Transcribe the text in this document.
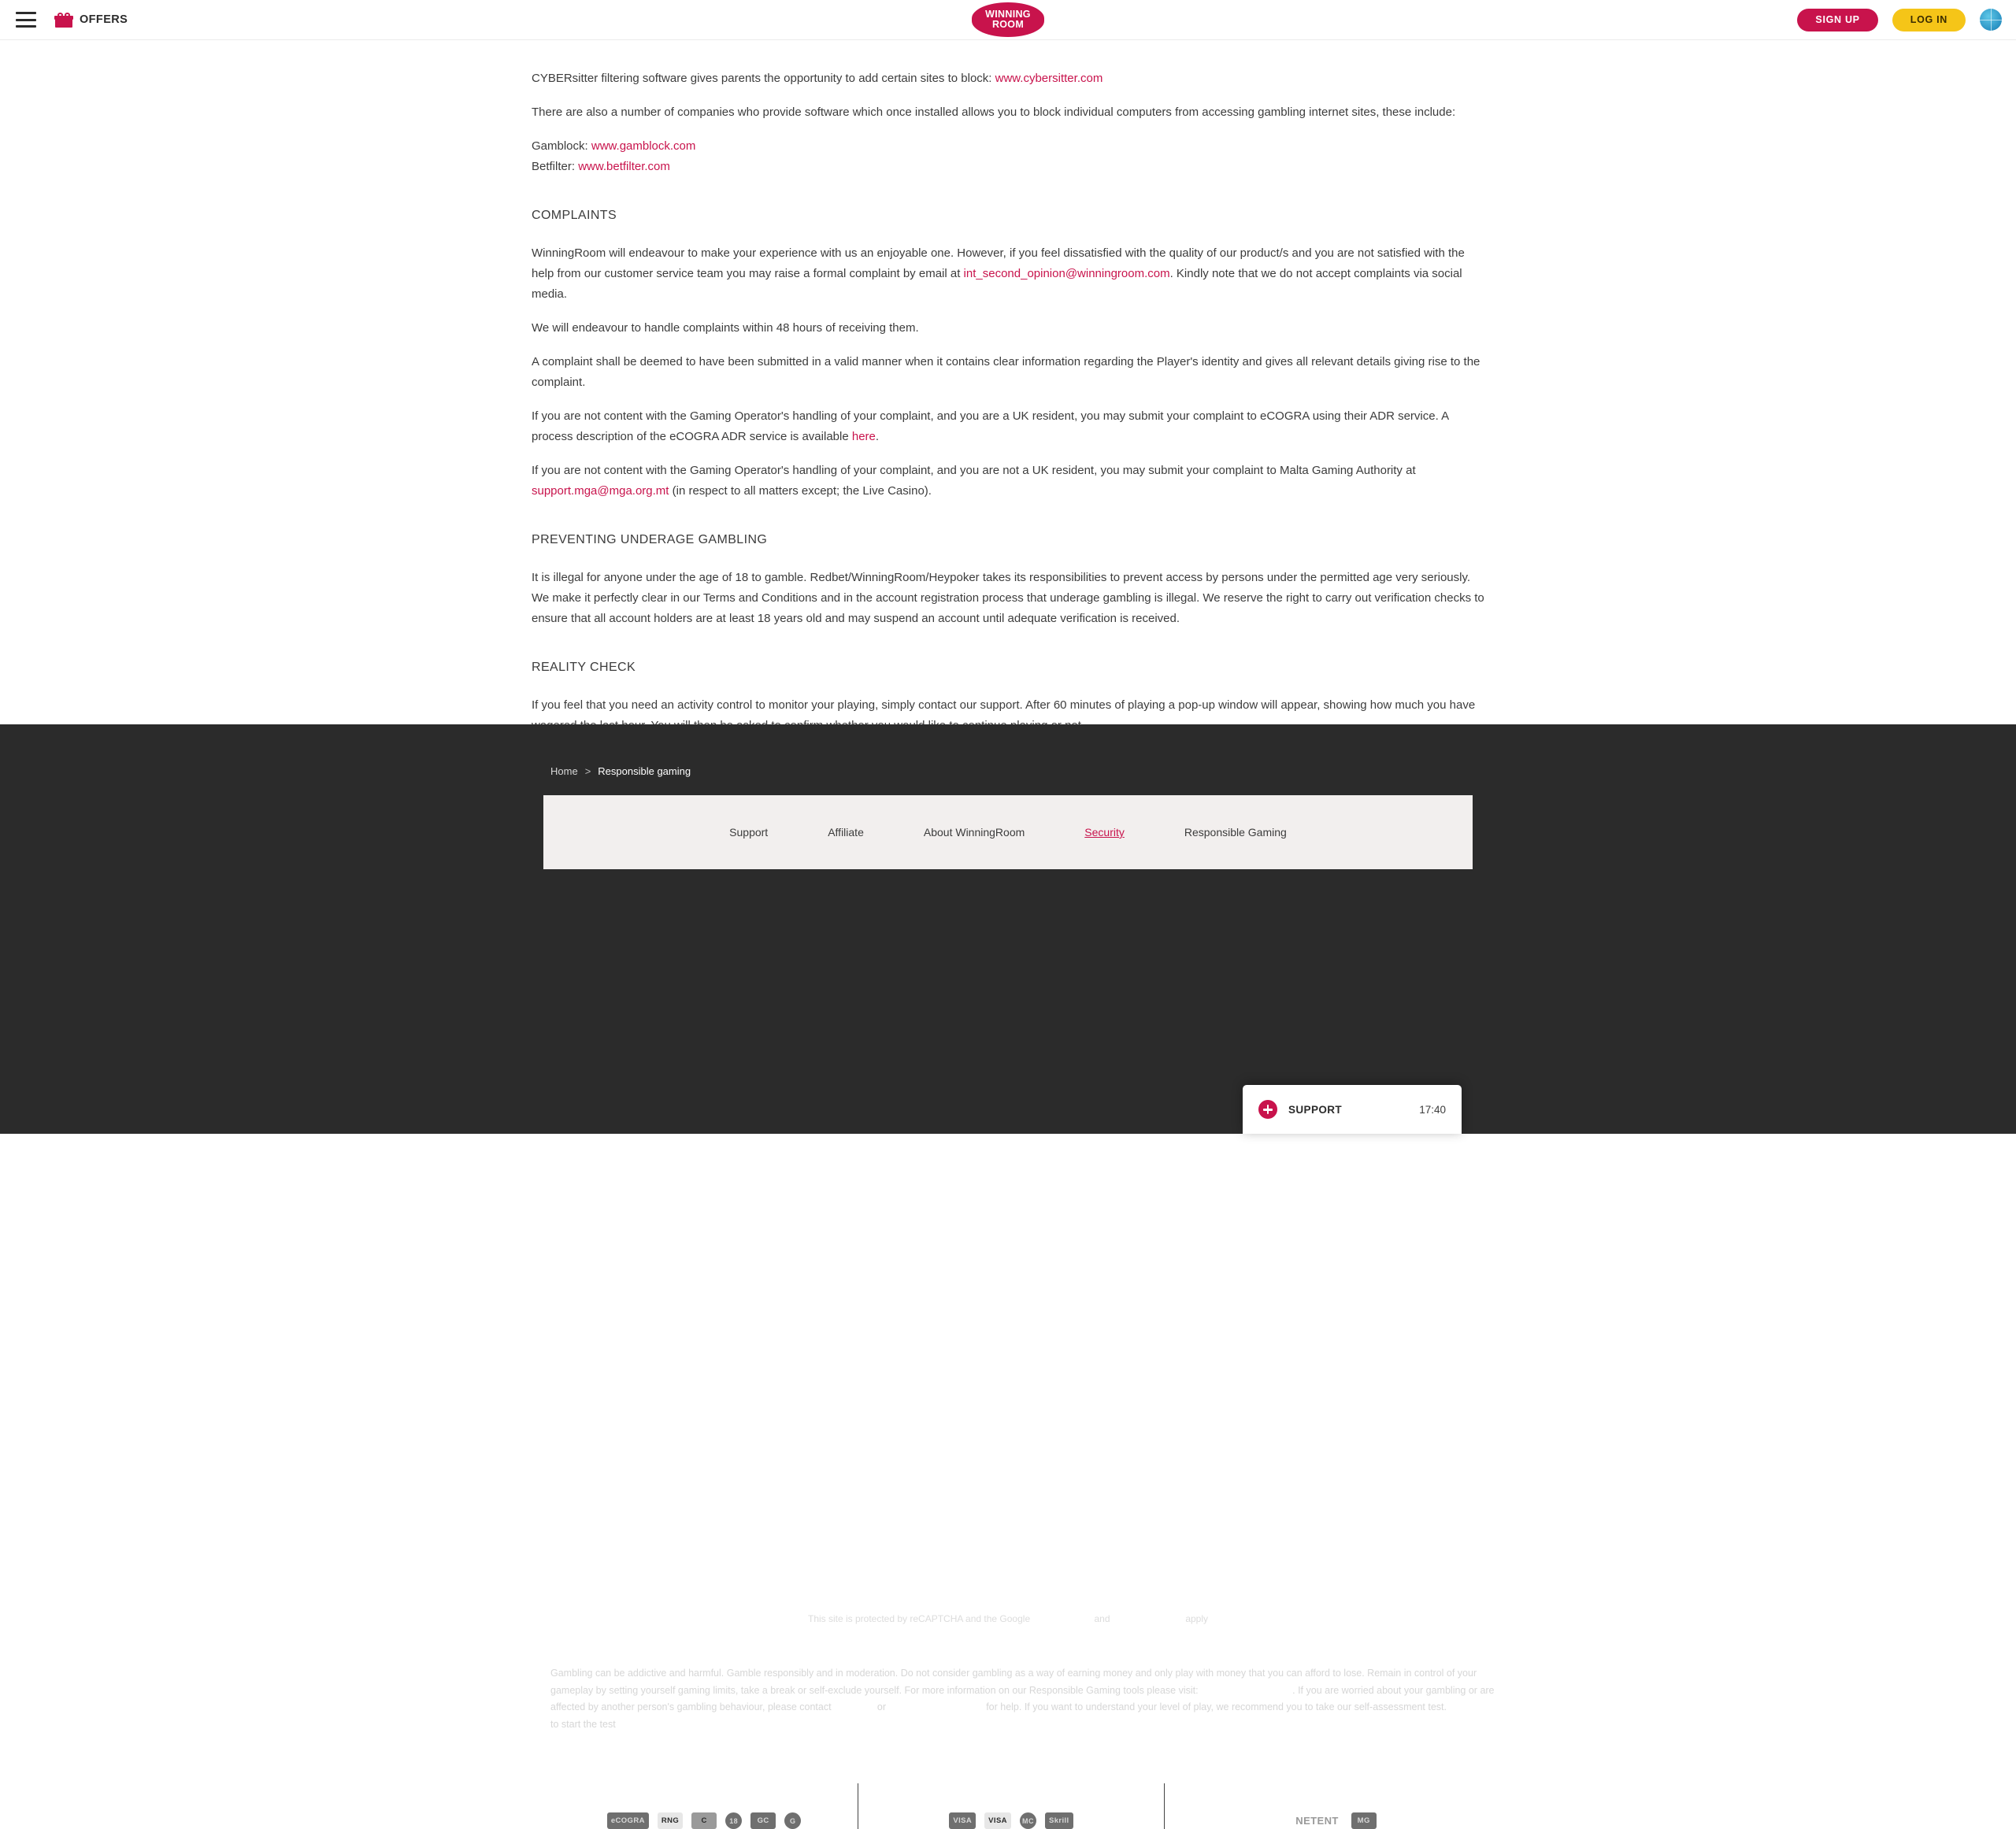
OFFERS	WINNING
ROOM	SIGN UP	LOG IN

CYBERsitter filtering software gives parents the opportunity to add certain sites to block: www.cybersitter.com

There are also a number of companies who provide software which once installed allows you to block individual computers from accessing gambling internet sites, these include:

Gamblock: www.gamblock.com

Betfilter: www.betfilter.com

COMPLAINTS

WinningRoom will endeavour to make your experience with us an enjoyable one. However, if you feel dissatisfied with the quality of our product/s and you are not satisfied with the help from our customer service team you may raise a formal complaint by email at int_second_opinion@winningroom.com. Kindly note that we do not accept complaints via social media.

We will endeavour to handle complaints within 48 hours of receiving them.

A complaint shall be deemed to have been submitted in a valid manner when it contains clear information regarding the Player's identity and gives all relevant details giving rise to the complaint.

If you are not content with the Gaming Operator's handling of your complaint, and you are a UK resident, you may submit your complaint to eCOGRA using their ADR service. A process description of the eCOGRA ADR service is available here.

If you are not content with the Gaming Operator's handling of your complaint, and you are not a UK resident, you may submit your complaint to Malta Gaming Authority at support.mga@mga.org.mt (in respect to all matters except; the Live Casino).

PREVENTING UNDERAGE GAMBLING

It is illegal for anyone under the age of 18 to gamble. Redbet/WinningRoom/Heypoker takes its responsibilities to prevent access by persons under the permitted age very seriously. We make it perfectly clear in our Terms and Conditions and in the account registration process that underage gambling is illegal. We reserve the right to carry out verification checks to ensure that all account holders are at least 18 years old and may suspend an account until adequate verification is received.

REALITY CHECK

If you feel that you need an activity control to monitor your playing, simply contact our support. After 60 minutes of playing a pop-up window will appear, showing how much you have

Home > Responsible gaming
Support	Affiliate	About WinningRoom	Security	Responsible Gaming
This site is protected by reCAPTCHA and the Google Privacy Policy and Terms of Service apply
Responsible Gaming

Gambling can be addictive and harmful. Gamble responsibly and in moderation. Do not consider gambling as a way of earning money and only play with money that you can afford to lose. Remain in control of your gameplay by setting yourself gaming limits, take a break or self-exclude yourself. For more information on our Responsible Gaming tools please visit: Responsible Gaming. If you are worried about your gambling or are affected by another person's gambling behaviour, please contact Gamcare or GamblersAnonymous for help. If you want to understand your level of play, we recommend you to take our self-assessment test. Click here to start the test

Security & trust
eCOGRA	RNG	C	18	GC	G
Payment methods
VISA	VISA	MC	Skrill
Packages
NETENT	MG
SUPPORT	17:40
